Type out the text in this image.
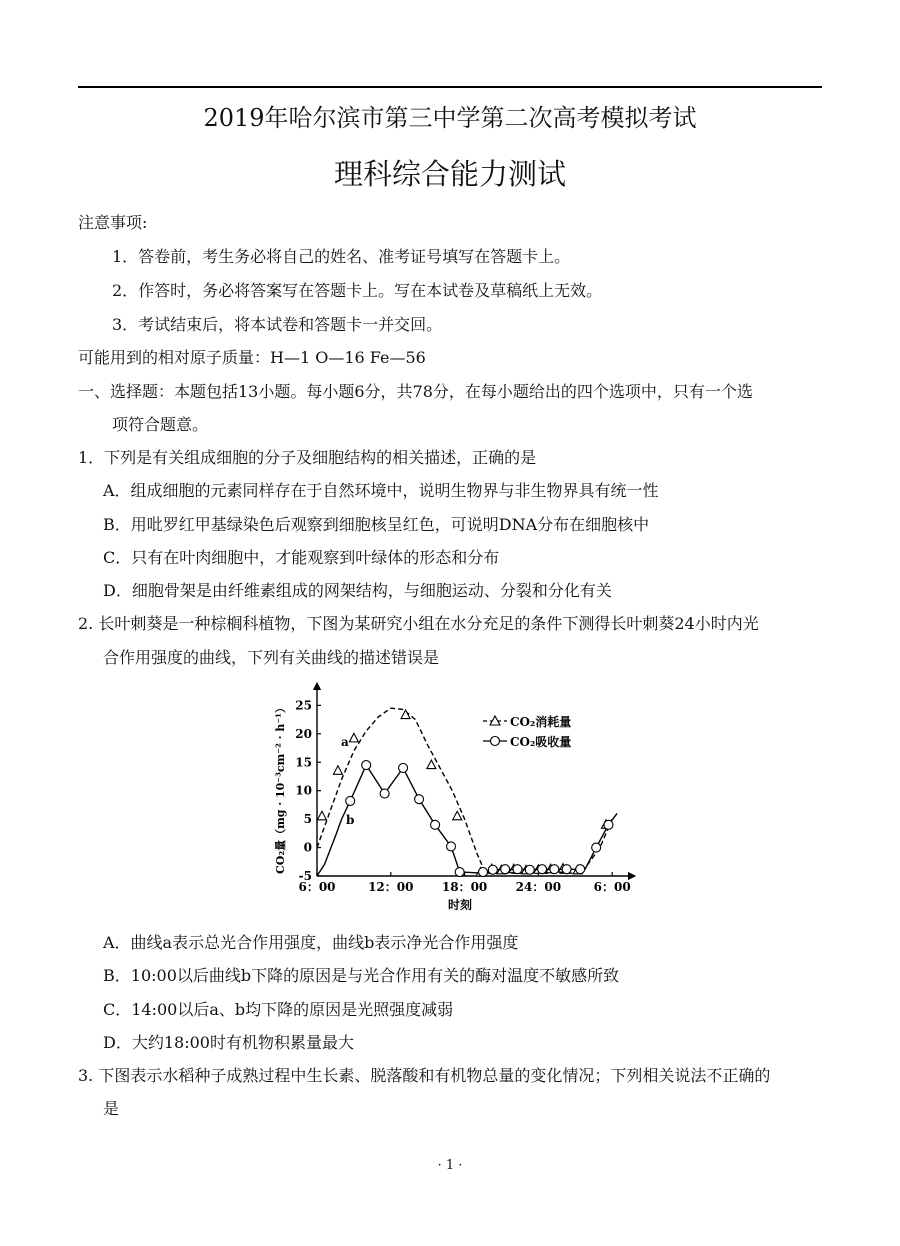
2019年哈尔滨市第三中学第二次高考模拟考试
理科综合能力测试
注意事项:
1．答卷前，考生务必将自己的姓名、准考证号填写在答题卡上。
2．作答时，务必将答案写在答题卡上。写在本试卷及草稿纸上无效。
3．考试结束后，将本试卷和答题卡一并交回。
可能用到的相对原子质量：H—1 O—16 Fe—56
一、选择题：本题包括13小题。每小题6分，共78分，在每小题给出的四个选项中，只有一个选
项符合题意。
1．下列是有关组成细胞的分子及细胞结构的相关描述，正确的是
A．组成细胞的元素同样存在于自然环境中，说明生物界与非生物界具有统一性
B．用吡罗红甲基绿染色后观察到细胞核呈红色，可说明DNA分布在细胞核中
C．只有在叶肉细胞中，才能观察到叶绿体的形态和分布
D．细胞骨架是由纤维素组成的网架结构，与细胞运动、分裂和分化有关
2. 长叶刺葵是一种棕榈科植物，下图为某研究小组在水分充足的条件下测得长叶刺葵24小时内光
合作用强度的曲线，下列有关曲线的描述错误是
-5
0
5
10
15
20
25
6：00	12：00 18：00 24：00	6：00
CO₂量（mg · 10⁻³cm⁻² · h⁻¹）
时刻
CO₂消耗量
CO₂吸收量
a
b
A．曲线a表示总光合作用强度，曲线b表示净光合作用强度
B．10:00以后曲线b下降的原因是与光合作用有关的酶对温度不敏感所致
C．14:00以后a、b均下降的原因是光照强度减弱
D．大约18:00时有机物积累量最大
3. 下图表示水稻种子成熟过程中生长素、脱落酸和有机物总量的变化情况；下列相关说法不正确的
是
· 1 ·
